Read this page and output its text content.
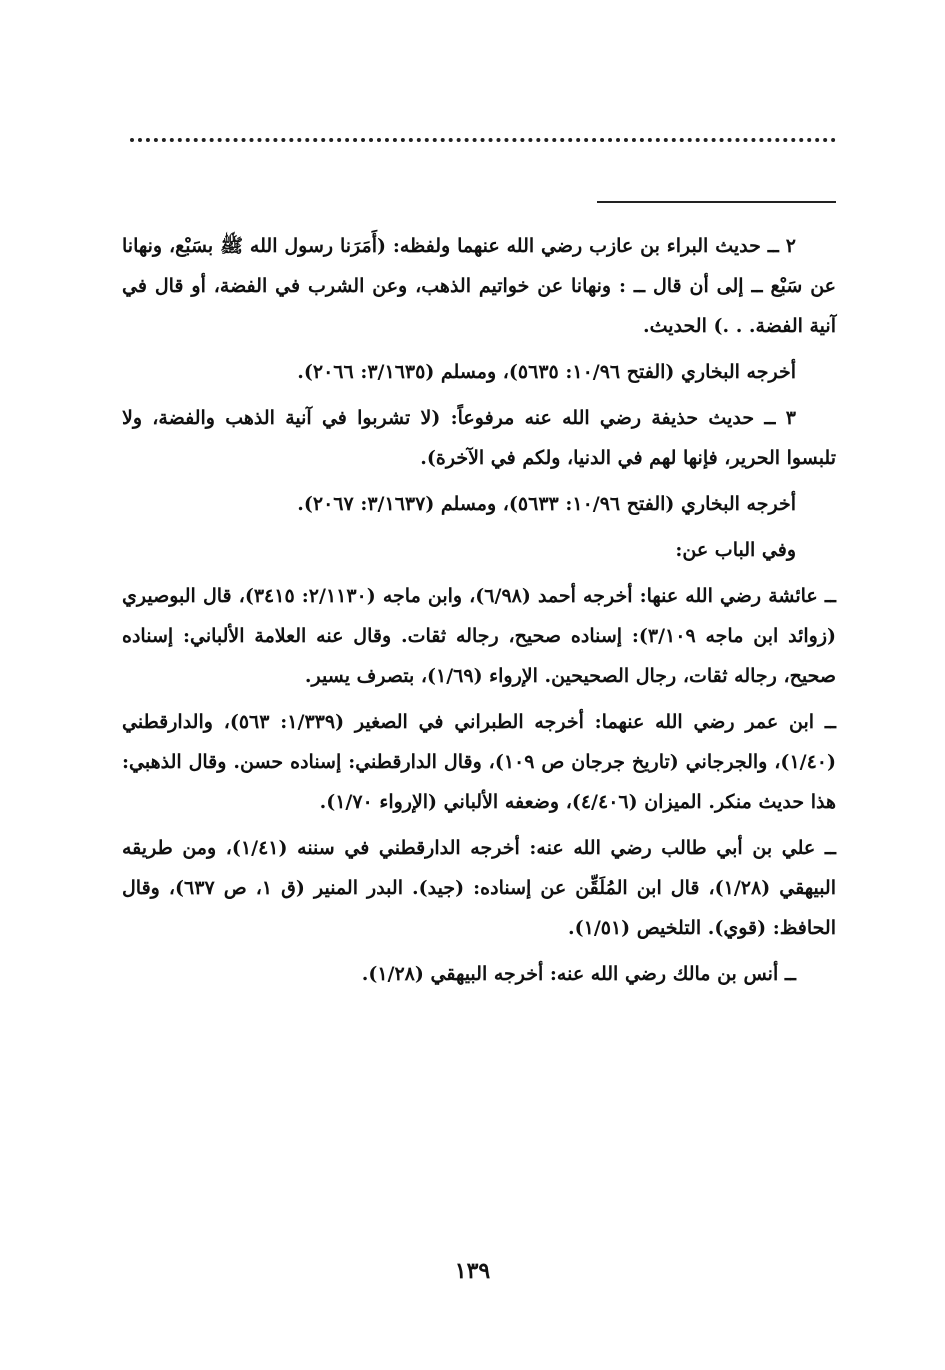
٢ ــ حديث البراء بن عازب رضي الله عنهما ولفظه: (أَمَرَنا رسول الله ﷺ بسَبْع، ونهانا عن سَبْع ــ إلى أن قال ــ : ونهانا عن خواتيم الذهب، وعن الشرب في الفضة، أو قال في آنية الفضة. . .) الحديث.

أخرجه البخاري (الفتح ١٠/٩٦: ٥٦٣٥)، ومسلم (٣/١٦٣٥: ٢٠٦٦).

٣ ــ حديث حذيفة رضي الله عنه مرفوعاً: (لا تشربوا في آنية الذهب والفضة، ولا تلبسوا الحرير، فإنها لهم في الدنيا، ولكم في الآخرة).

أخرجه البخاري (الفتح ١٠/٩٦: ٥٦٣٣)، ومسلم (٣/١٦٣٧: ٢٠٦٧).

وفي الباب عن:

ــ عائشة رضي الله عنها: أخرجه أحمد (٦/٩٨)، وابن ماجه (٢/١١٣٠: ٣٤١٥)، قال البوصيري (زوائد ابن ماجه ٣/١٠٩): إسناده صحيح، رجاله ثقات. وقال عنه العلامة الألباني: إسناده صحيح، رجاله ثقات، رجال الصحيحين. الإرواء (١/٦٩)، بتصرف يسير.

ــ ابن عمر رضي الله عنهما: أخرجه الطبراني في الصغير (١/٣٣٩: ٥٦٣)، والدارقطني (١/٤٠)، والجرجاني (تاريخ جرجان ص ١٠٩)، وقال الدارقطني: إسناده حسن. وقال الذهبي: هذا حديث منكر. الميزان (٤/٤٠٦)، وضعفه الألباني (الإرواء ١/٧٠).

ــ علي بن أبي طالب رضي الله عنه: أخرجه الدارقطني في سننه (١/٤١)، ومن طريقه البيهقي (١/٢٨)، قال ابن المُلَقِّن عن إسناده: (جيد). البدر المنير (ق ١، ص ٦٣٧)، وقال الحافظ: (قوي). التلخيص (١/٥١).

ــ أنس بن مالك رضي الله عنه: أخرجه البيهقي (١/٢٨).

١٣٩
